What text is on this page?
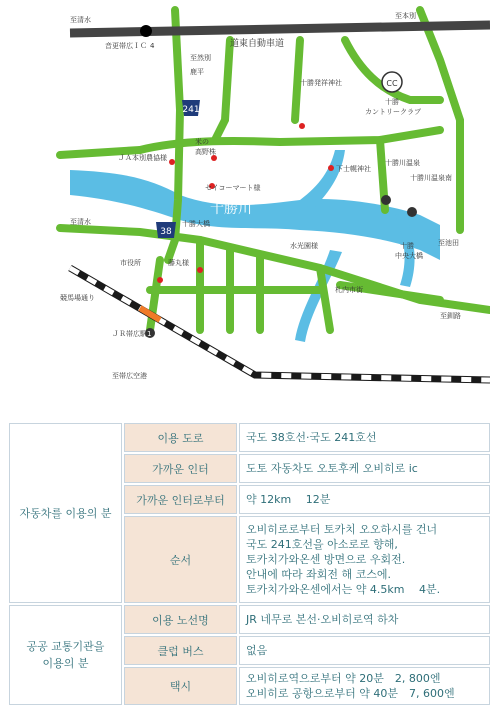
241
38
CC
至清水	至本別
音更帯広ＩＣ 4	道東自動車道
至然別
鹿平
十勝発祥神社
十勝
カントリークラブ
米の
高野株
ＪＡ本別農協様
下士幌神社
十勝川温泉
2
十勝川温泉南
3
セイコーマート様
十勝川
至清水	十勝大橋
水光園様	十勝
中央大橋
至池田
市役所	藤丸様
競馬場通り
札内市街
至釧路
ＪＲ帯広駅 1
至帯広空港
자동차를 이용의 분	이용 도로	국도 38호선·국도 241호선

	가까운 인터	도토 자동차도 오토후케 오비히로 ic

	가까운 인터로부터	약 12km　 12분

	순서	오비히로로부터 토카치 오오하시를 건너
국도 241호선을 아소로로 향해,
토카치가와온센 방면으로 우회전.
안내에 따라 좌회전 해 코스에.
토카치가와온센에서는 약 4.5km　 4분.

공공 교통기관을
이용의 분	이용 노선명	JR 네무로 본선·오비히로역 하차

	클럽 버스	없음

	택시	오비히로역으로부터 약 20분　2, 800엔
오비히로 공항으로부터 약 40분　7, 600엔
